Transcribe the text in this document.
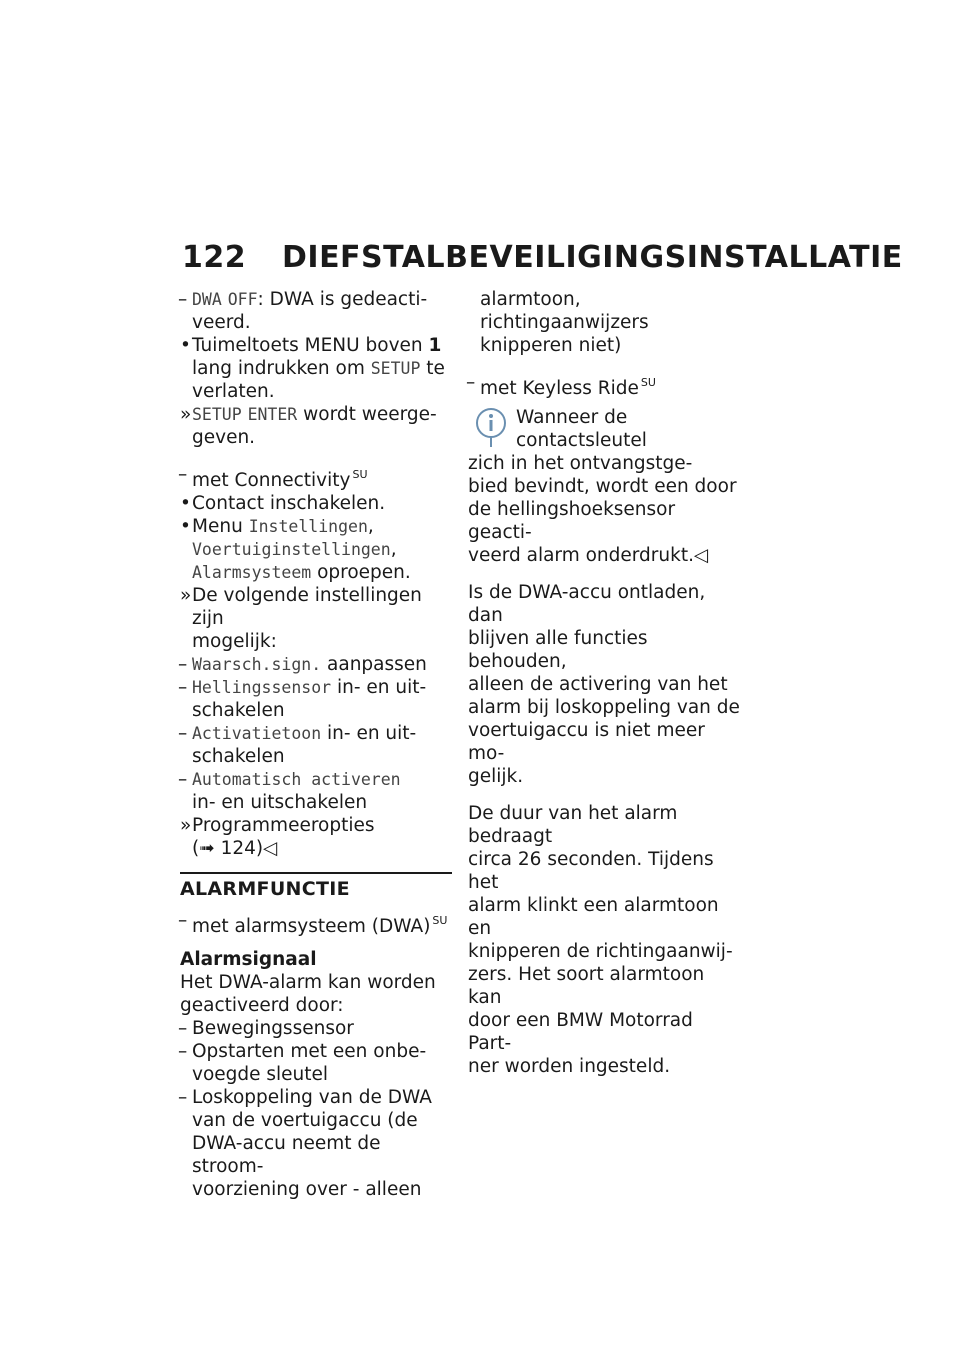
122 DIEFSTALBEVEILIGINGSINSTALLATIE
– DWA OFF: DWA is gedeacti-
veerd.
• Tuimeltoets MENU boven 1
lang indrukken om SETUP te
verlaten.
» SETUP ENTER wordt weerge-
geven.
– met Connectivity $^{SU}$
• Contact inschakelen.
• Menu Instellingen,
Voertuiginstellingen,
Alarmsysteem oproepen.
» De volgende instellingen zijn
mogelijk:
– Waarsch.sign. aanpassen
– Hellingssensor in- en uit-
schakelen
– Activatietoon in- en uit-
schakelen
– Automatisch activeren
in- en uitschakelen
» Programmeeropties
(➟ 124)◁
ALARMFUNCTIE
– met alarmsysteem (DWA) $^{SU}$
Alarmsignaal

Het DWA-alarm kan worden
geactiveerd door:

– Bewegingssensor
– Opstarten met een onbe-
voegde sleutel
– Loskoppeling van de DWA
van de voertuigaccu (de
DWA-accu neemt de stroom-
voorziening over - alleen
alarmtoon, richtingaanwijzers
knipperen niet)
– met Keyless Ride $^{SU}$
Wanneer de contactsleutel
zich in het ontvangstge-
bied bevindt, wordt een door
de hellingshoeksensor geacti-
veerd alarm onderdrukt.◁

Is de DWA-accu ontladen, dan
blijven alle functies behouden,
alleen de activering van het
alarm bij loskoppeling van de
voertuigaccu is niet meer mo-
gelijk.

De duur van het alarm bedraagt
circa 26 seconden. Tijdens het
alarm klinkt een alarmtoon en
knipperen de richtingaanwij-
zers. Het soort alarmtoon kan
door een BMW Motorrad Part-
ner worden ingesteld.
